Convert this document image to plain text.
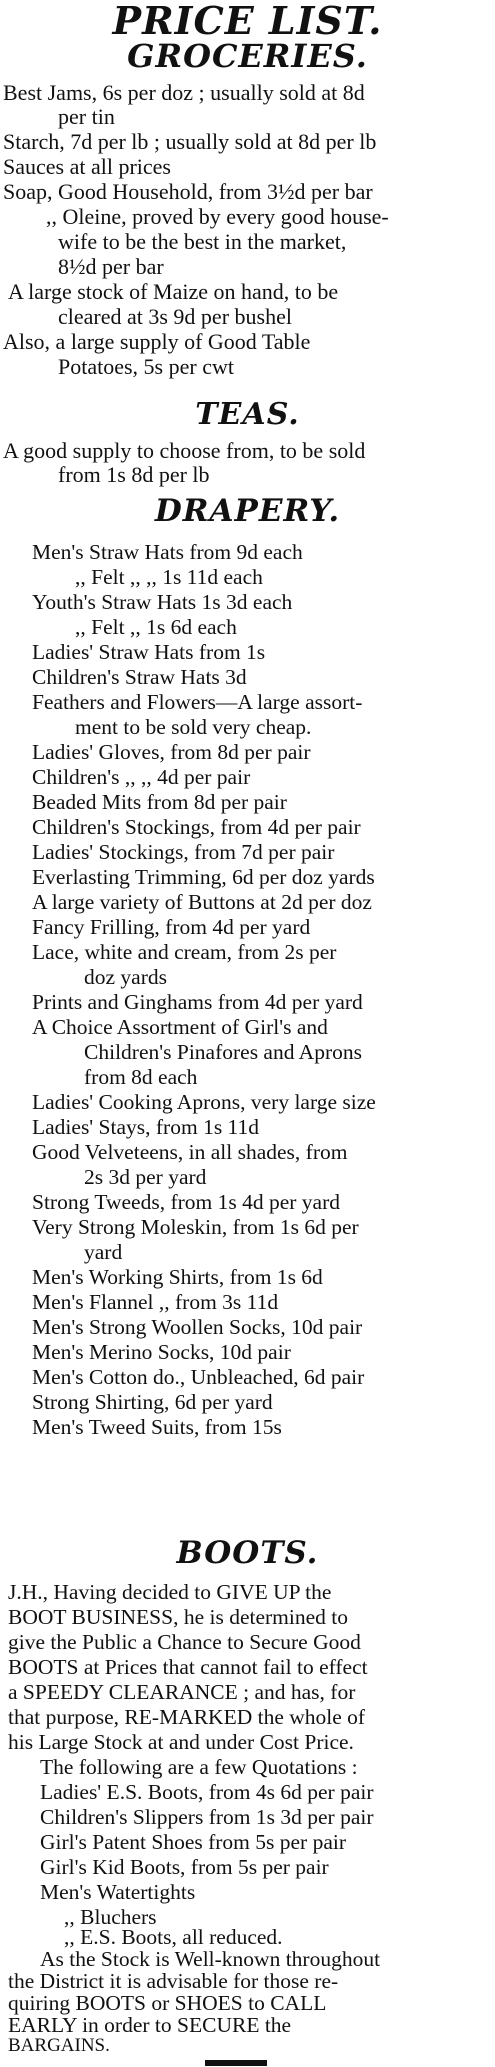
PRICE LIST.
GROCERIES.
Best Jams, 6s per doz ; usually sold at 8d
per tin
Starch, 7d per lb ; usually sold at 8d per lb
Sauces at all prices
Soap, Good Household, from 3½d per bar
,, Oleine, proved by every good house-
wife to be the best in the market,
8½d per bar
A large stock of Maize on hand, to be
cleared at 3s 9d per bushel
Also, a large supply of Good Table
Potatoes, 5s per cwt
TEAS.
A good supply to choose from, to be sold
from 1s 8d per lb
DRAPERY.
Men's Straw Hats from 9d each
,, Felt ,, ,, 1s 11d each
Youth's Straw Hats 1s 3d each
,, Felt ,, 1s 6d each
Ladies' Straw Hats from 1s
Children's Straw Hats 3d
Feathers and Flowers—A large assort-
ment to be sold very cheap.
Ladies' Gloves, from 8d per pair
Children's ,, ,, 4d per pair
Beaded Mits from 8d per pair
Children's Stockings, from 4d per pair
Ladies' Stockings, from 7d per pair
Everlasting Trimming, 6d per doz yards
A large variety of Buttons at 2d per doz
Fancy Frilling, from 4d per yard
Lace, white and cream, from 2s per
doz yards
Prints and Ginghams from 4d per yard
A Choice Assortment of Girl's and
Children's Pinafores and Aprons
from 8d each
Ladies' Cooking Aprons, very large size
Ladies' Stays, from 1s 11d
Good Velveteens, in all shades, from
2s 3d per yard
Strong Tweeds, from 1s 4d per yard
Very Strong Moleskin, from 1s 6d per
yard
Men's Working Shirts, from 1s 6d
Men's Flannel ,, from 3s 11d
Men's Strong Woollen Socks, 10d pair
Men's Merino Socks, 10d pair
Men's Cotton do., Unbleached, 6d pair
Strong Shirting, 6d per yard
Men's Tweed Suits, from 15s
BOOTS.
J.H., Having decided to GIVE UP the
BOOT BUSINESS, he is determined to
give the Public a Chance to Secure Good
BOOTS at Prices that cannot fail to effect
a SPEEDY CLEARANCE ; and has, for
that purpose, RE-MARKED the whole of
his Large Stock at and under Cost Price.
The following are a few Quotations :
Ladies' E.S. Boots, from 4s 6d per pair
Children's Slippers from 1s 3d per pair
Girl's Patent Shoes from 5s per pair
Girl's Kid Boots, from 5s per pair
Men's Watertights
,, Bluchers
,, E.S. Boots, all reduced.
As the Stock is Well-known throughout
the District it is advisable for those re-
quiring BOOTS or SHOES to CALL
EARLY in order to SECURE the
BARGAINS.
